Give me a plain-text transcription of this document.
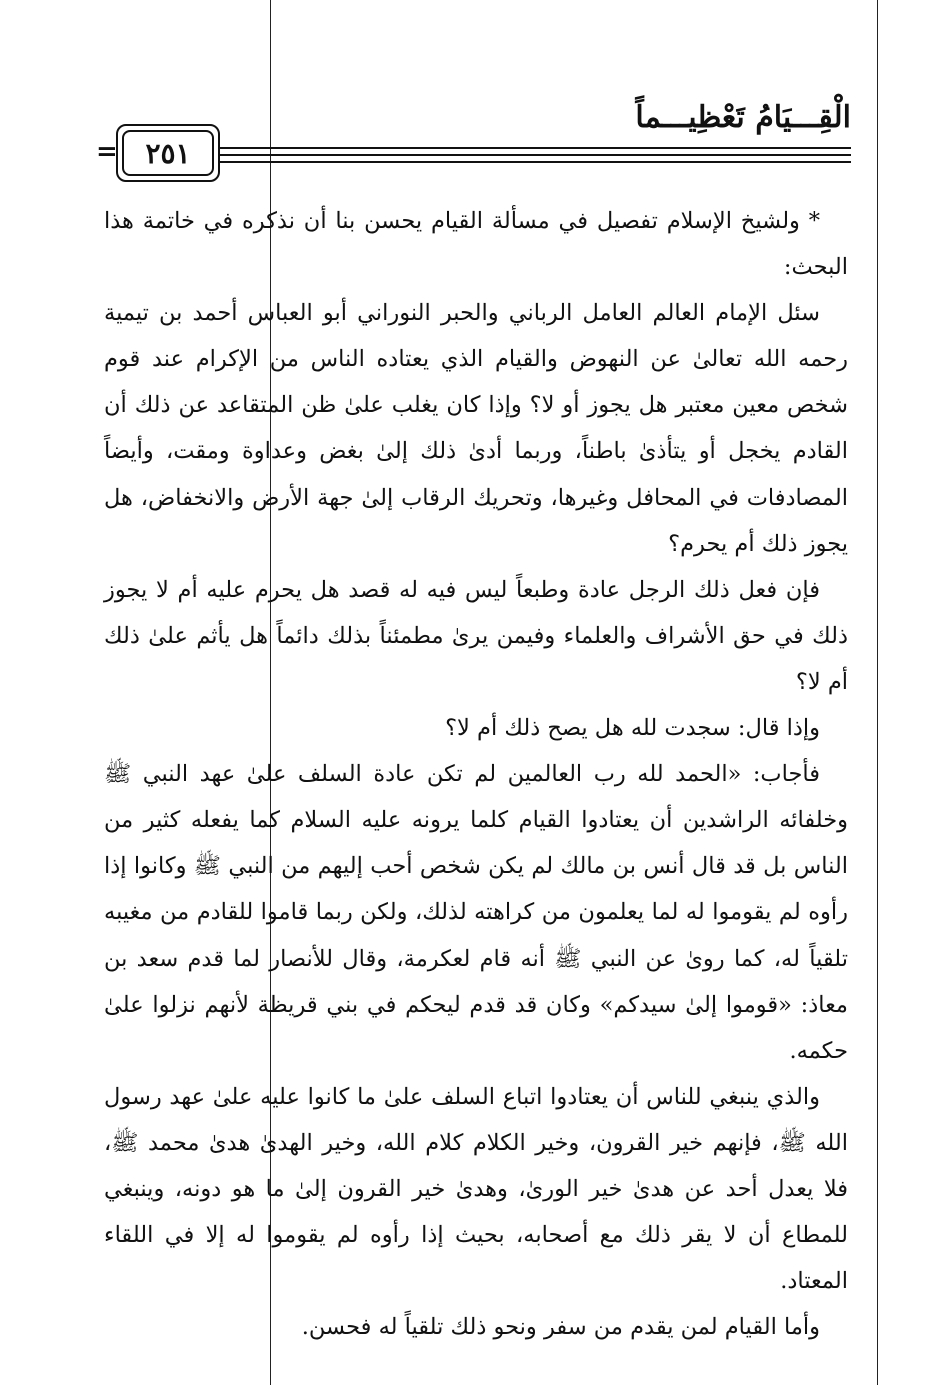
الْقِـــيَامُ تَعْظِيـــماً
= ٢٥١

* ولشيخ الإسلام تفصيل في مسألة القيام يحسن بنا أن نذكره في خاتمة هذا البحث:

سئل الإمام العالم العامل الرباني والحبر النوراني أبو العباس أحمد بن تيمية رحمه الله تعالىٰ عن النهوض والقيام الذي يعتاده الناس من الإكرام عند قوم شخص معين معتبر هل يجوز أو لا؟ وإذا كان يغلب علىٰ ظن المتقاعد عن ذلك أن القادم يخجل أو يتأذىٰ باطناً، وربما أدىٰ ذلك إلىٰ بغض وعداوة ومقت، وأيضاً المصادفات في المحافل وغيرها، وتحريك الرقاب إلىٰ جهة الأرض والانخفاض، هل يجوز ذلك أم يحرم؟

فإن فعل ذلك الرجل عادة وطبعاً ليس فيه له قصد هل يحرم عليه أم لا يجوز ذلك في حق الأشراف والعلماء وفيمن يرىٰ مطمئناً بذلك دائماً هل يأثم علىٰ ذلك أم لا؟

وإذا قال: سجدت لله هل يصح ذلك أم لا؟

فأجاب: «الحمد لله رب العالمين لم تكن عادة السلف علىٰ عهد النبي ﷺ وخلفائه الراشدين أن يعتادوا القيام كلما يرونه عليه السلام كما يفعله كثير من الناس بل قد قال أنس بن مالك لم يكن شخص أحب إليهم من النبي ﷺ وكانوا إذا رأوه لم يقوموا له لما يعلمون من كراهته لذلك، ولكن ربما قاموا للقادم من مغيبه تلقياً له، كما روىٰ عن النبي ﷺ أنه قام لعكرمة، وقال للأنصار لما قدم سعد بن معاذ: «قوموا إلىٰ سيدكم» وكان قد قدم ليحكم في بني قريظة لأنهم نزلوا علىٰ حكمه.

والذي ينبغي للناس أن يعتادوا اتباع السلف علىٰ ما كانوا عليه علىٰ عهد رسول الله ﷺ، فإنهم خير القرون، وخير الكلام كلام الله، وخير الهدىٰ هدىٰ محمد ﷺ، فلا يعدل أحد عن هدىٰ خير الورىٰ، وهدىٰ خير القرون إلىٰ ما هو دونه، وينبغي للمطاع أن لا يقر ذلك مع أصحابه، بحيث إذا رأوه لم يقوموا له إلا في اللقاء المعتاد.

وأما القيام لمن يقدم من سفر ونحو ذلك تلقياً له فحسن.
